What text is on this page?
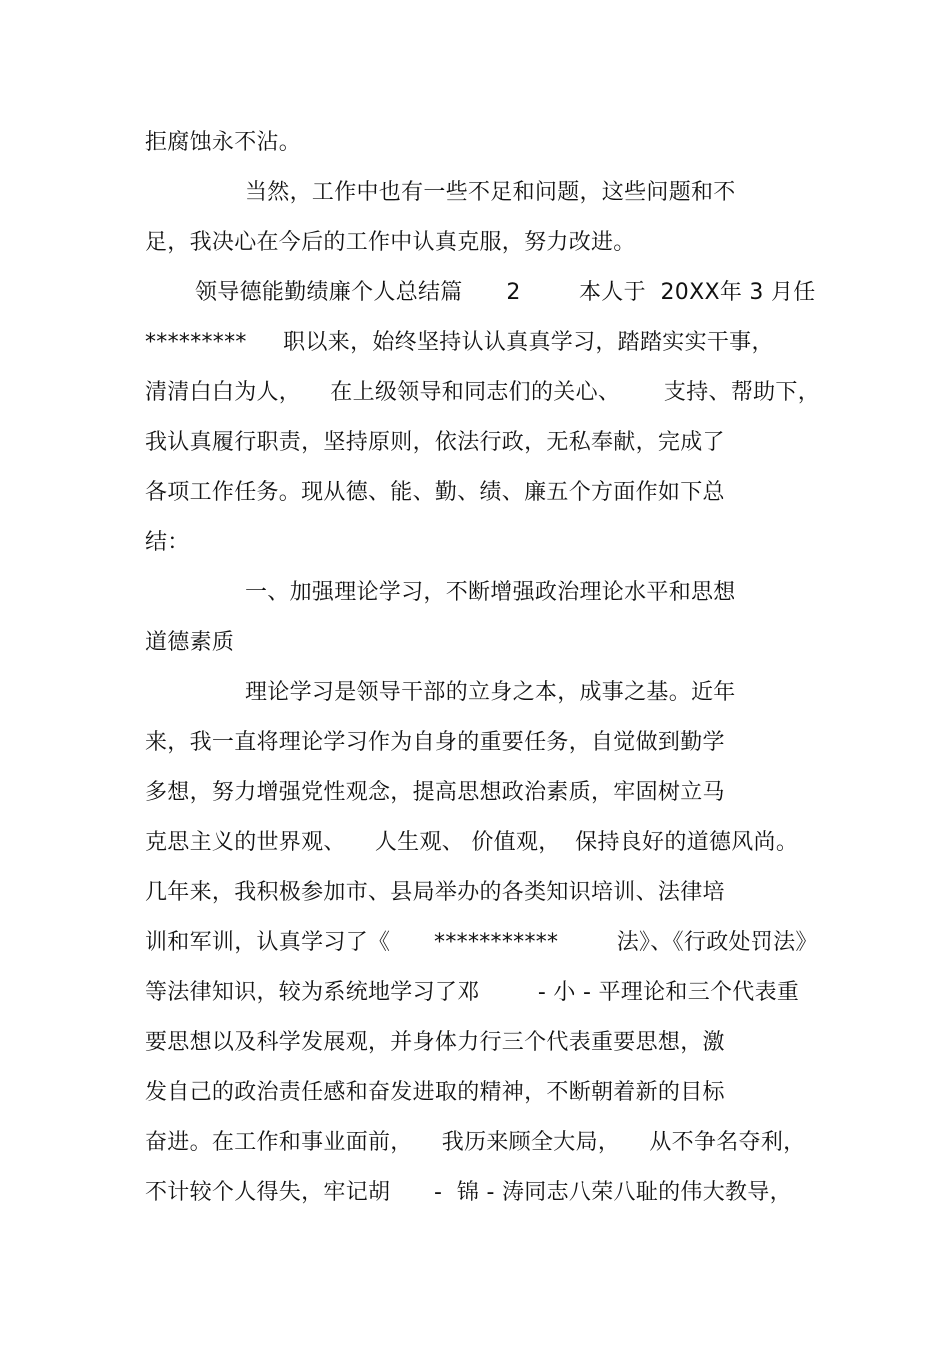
拒腐蚀永不沾。
当然，工作中也有一些不足和问题，这些问题和不
足，我决心在今后的工作中认真克服，努力改进。
领导德能勤绩廉个人总结篇      2        本人于  20XX年 3 月任
*********     职以来，始终坚持认认真真学习，踏踏实实干事，
清清白白为人，    在上级领导和同志们的关心、      支持、帮助下，
我认真履行职责，坚持原则，依法行政，无私奉献，完成了
各项工作任务。现从德、能、勤、绩、廉五个方面作如下总
结：
一、加强理论学习，不断增强政治理论水平和思想
道德素质
理论学习是领导干部的立身之本，成事之基。近年
来，我一直将理论学习作为自身的重要任务，自觉做到勤学
多想，努力增强党性观念，提高思想政治素质，牢固树立马
克思主义的世界观、    人生观、 价值观，  保持良好的道德风尚。
几年来，我积极参加市、县局举办的各类知识培训、法律培
训和军训，认真学习了《      ***********        法》、《行政处罚法》
等法律知识，较为系统地学习了邓        - 小 - 平理论和三个代表重
要思想以及科学发展观，并身体力行三个代表重要思想，激
发自己的政治责任感和奋发进取的精神，不断朝着新的目标
奋进。在工作和事业面前，    我历来顾全大局，    从不争名夺利，
不计较个人得失，牢记胡      -  锦 - 涛同志八荣八耻的伟大教导，
